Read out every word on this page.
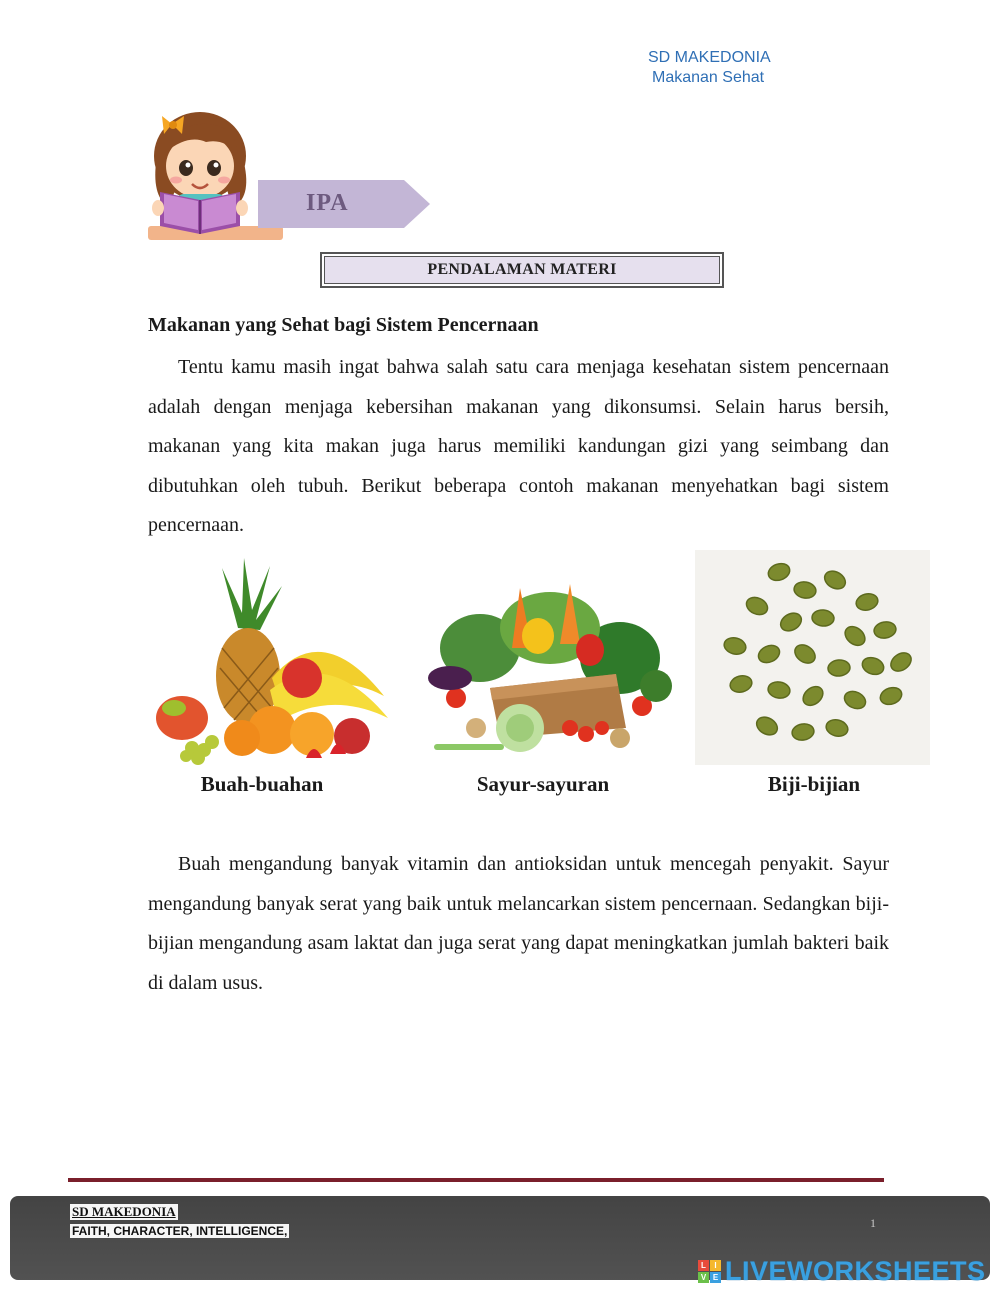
SD MAKEDONIA
Makanan Sehat
IPA
PENDALAMAN MATERI
Makanan yang Sehat bagi Sistem Pencernaan

Tentu kamu masih ingat bahwa salah satu cara menjaga kesehatan sistem pencernaan adalah dengan menjaga kebersihan makanan yang dikonsumsi. Selain harus bersih, makanan yang kita makan juga harus memiliki kandungan gizi yang seimbang dan dibutuhkan oleh tubuh. Berikut beberapa contoh makanan menyehatkan bagi sistem pencernaan.

Buah-buahan	Sayur-sayuran	Biji-bijian

Buah mengandung banyak vitamin dan antioksidan untuk mencegah penyakit. Sayur mengandung banyak serat yang baik untuk melancarkan sistem pencernaan. Sedangkan biji-bijian mengandung asam laktat dan juga serat yang dapat meningkatkan jumlah bakteri baik di dalam usus.

SD MAKEDONIA
FAITH, CHARACTER, INTELLIGENCE,
1
L	I
V E LIVEWORKSHEETS
